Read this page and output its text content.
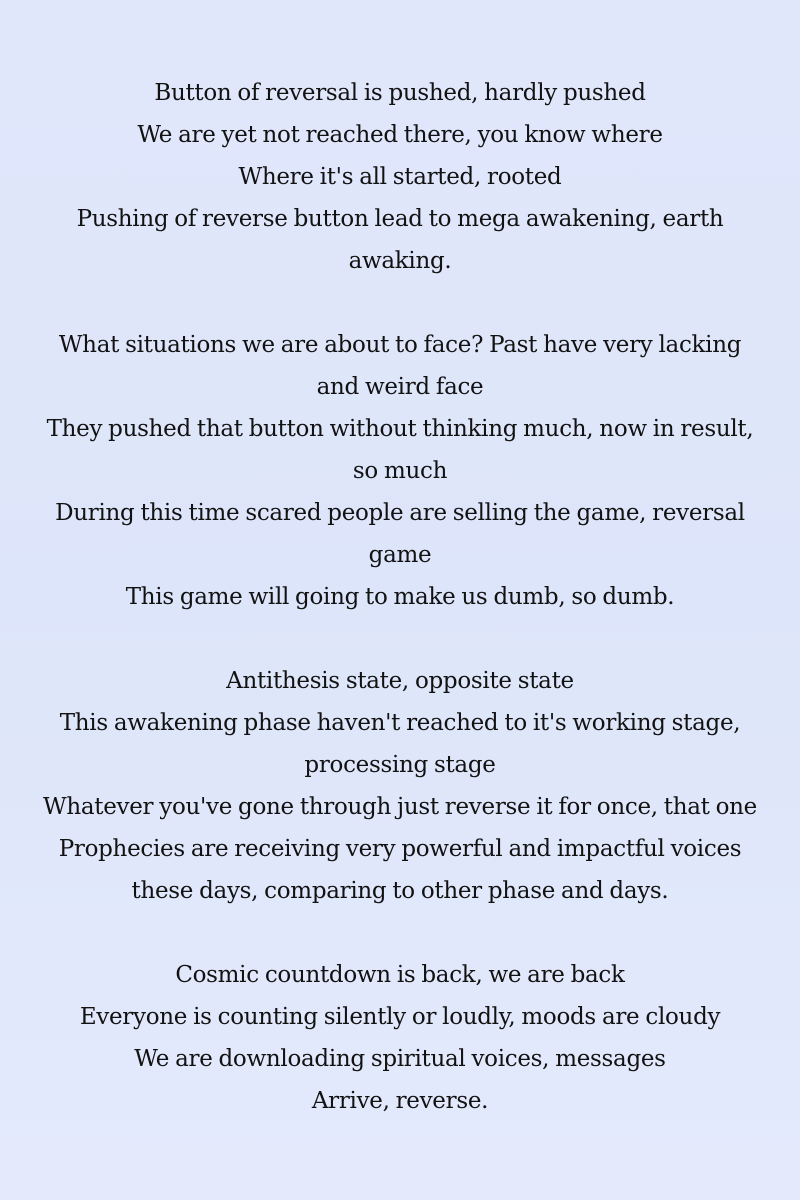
Button of reversal is pushed, hardly pushed
We are yet not reached there, you know where
Where it's all started, rooted
Pushing of reverse button lead to mega awakening, earth awaking.
What situations we are about to face? Past have very lacking and weird face
They pushed that button without thinking much, now in result, so much
During this time scared people are selling the game, reversal game
This game will going to make us dumb, so dumb.
Antithesis state, opposite state
This awakening phase haven't reached to it's working stage, processing stage
Whatever you've gone through just reverse it for once, that one
Prophecies are receiving very powerful and impactful voices these days, comparing to other phase and days.
Cosmic countdown is back, we are back
Everyone is counting silently or loudly, moods are cloudy
We are downloading spiritual voices, messages
Arrive, reverse.
